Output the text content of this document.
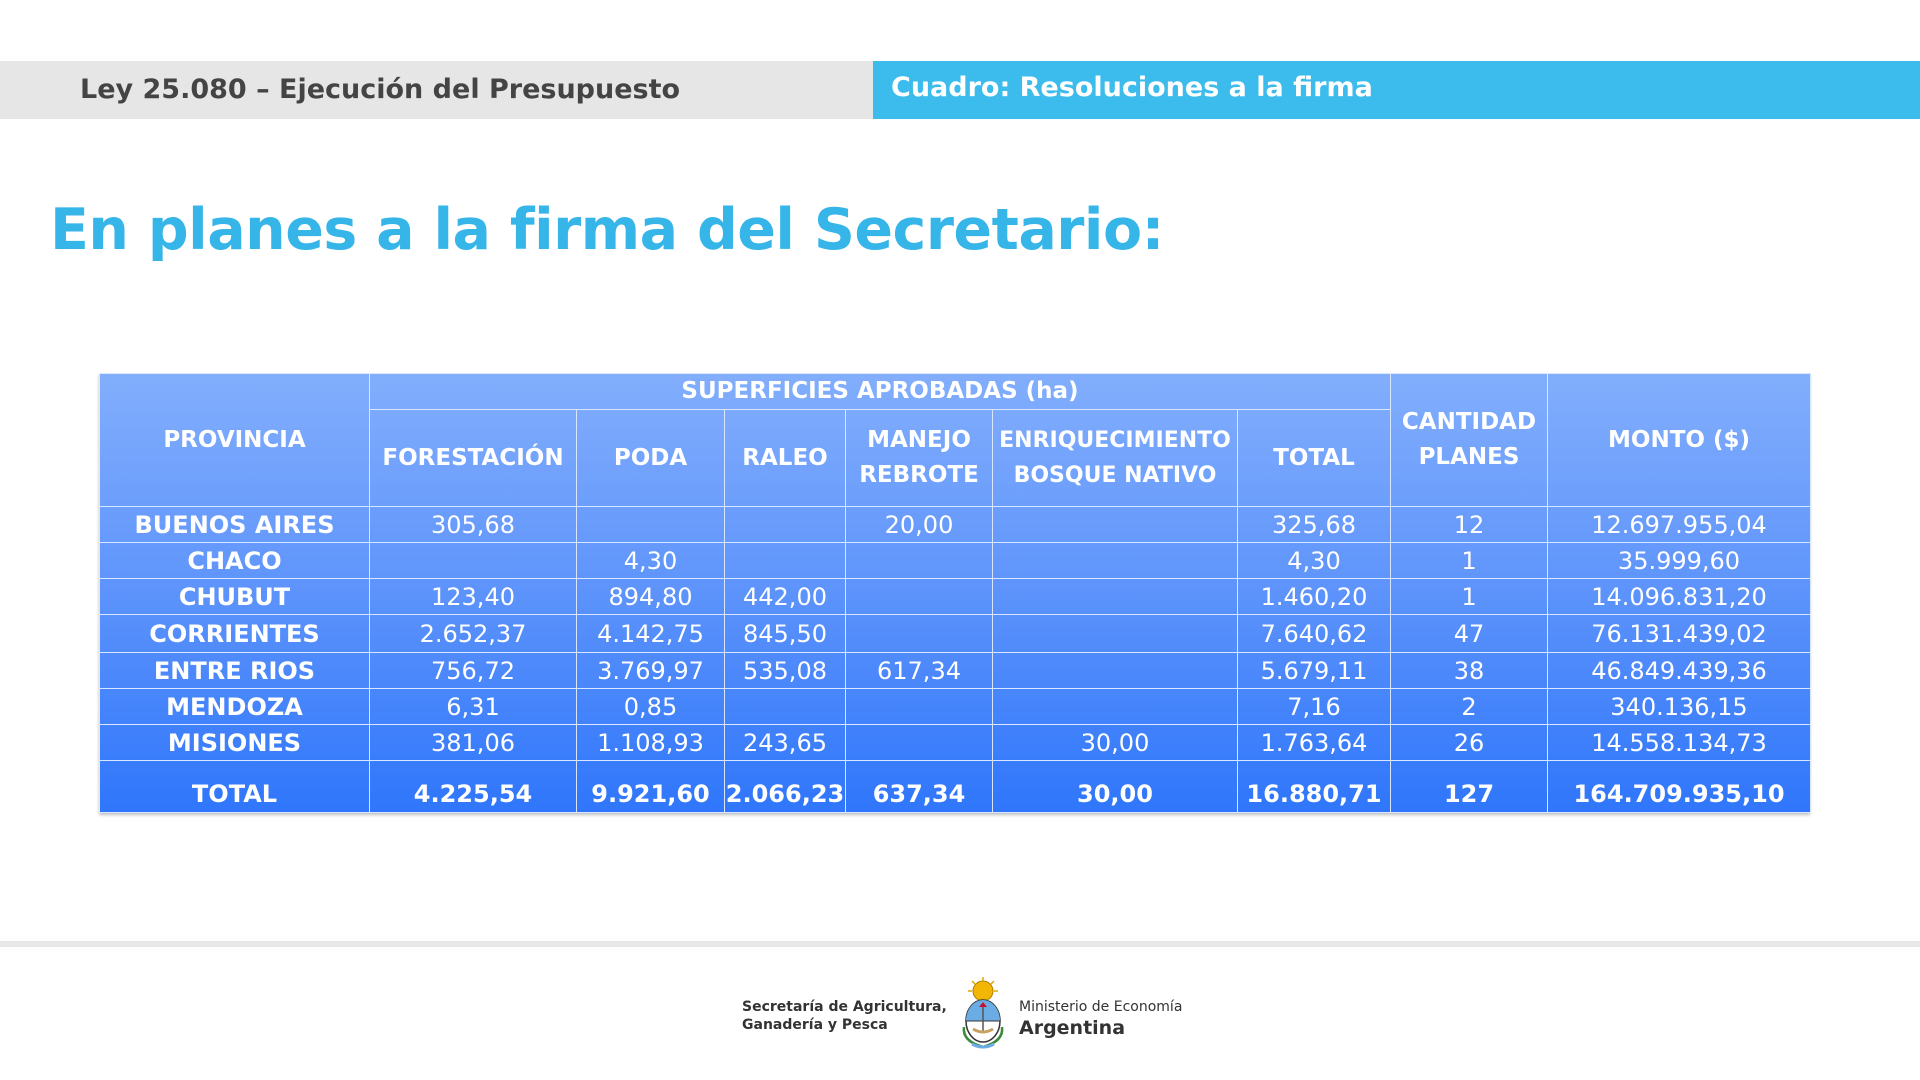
Ley 25.080 – Ejecución del Presupuesto	Cuadro: Resoluciones a la firma
En planes a la firma del Secretario:
PROVINCIA	SUPERFICIES APROBADAS (ha)						CANTIDAD PLANES	MONTO ($)
	FORESTACIÓN	PODA	RALEO	MANEJO REBROTE	ENRIQUECIMIENTO BOSQUE NATIVO	TOTAL		
BUENOS AIRES	305,68			20,00		325,68	12	12.697.955,04
CHACO		4,30				4,30	1	35.999,60
CHUBUT	123,40	894,80	442,00			1.460,20	1	14.096.831,20
CORRIENTES	2.652,37	4.142,75	845,50			7.640,62	47	76.131.439,02
ENTRE RIOS	756,72	3.769,97	535,08	617,34		5.679,11	38	46.849.439,36
MENDOZA	6,31	0,85				7,16	2	340.136,15
MISIONES	381,06	1.108,93	243,65		30,00	1.763,64	26	14.558.134,73
TOTAL	4.225,54	9.921,60	2.066,23	637,34	30,00	16.880,71	127	164.709.935,10
Secretaría de Agricultura,
Ganadería y Pesca
Ministerio de Economía
Argentina
